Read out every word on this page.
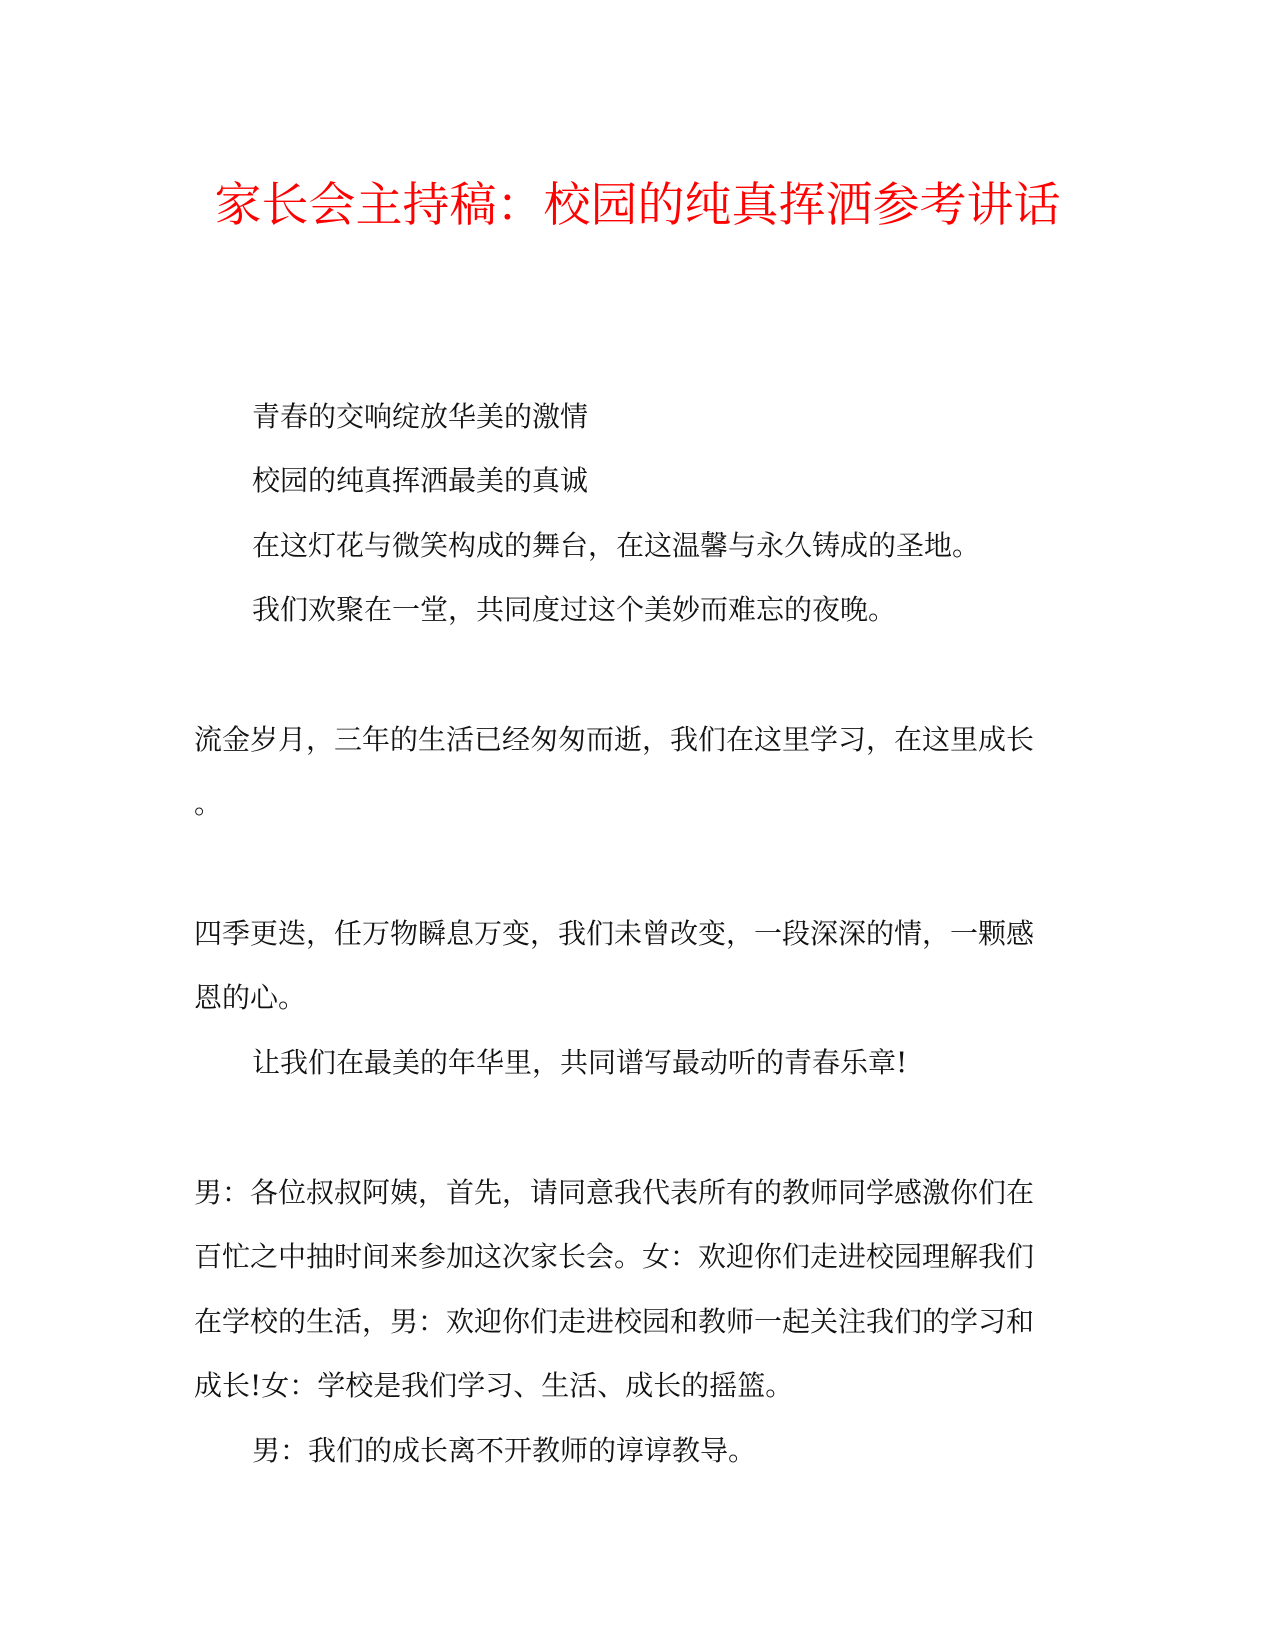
家长会主持稿：校园的纯真挥洒参考讲话

青春的交响绽放华美的激情

校园的纯真挥洒最美的真诚

在这灯花与微笑构成的舞台，在这温馨与永久铸成的圣地。

我们欢聚在一堂，共同度过这个美妙而难忘的夜晚。

流金岁月，三年的生活已经匆匆而逝，我们在这里学习，在这里成长

。

四季更迭，任万物瞬息万变，我们未曾改变，一段深深的情，一颗感

恩的心。

让我们在最美的年华里，共同谱写最动听的青春乐章!

男：各位叔叔阿姨，首先，请同意我代表所有的教师同学感激你们在

百忙之中抽时间来参加这次家长会。女：欢迎你们走进校园理解我们

在学校的生活，男：欢迎你们走进校园和教师一起关注我们的学习和

成长!女：学校是我们学习、生活、成长的摇篮。

男：我们的成长离不开教师的谆谆教导。
